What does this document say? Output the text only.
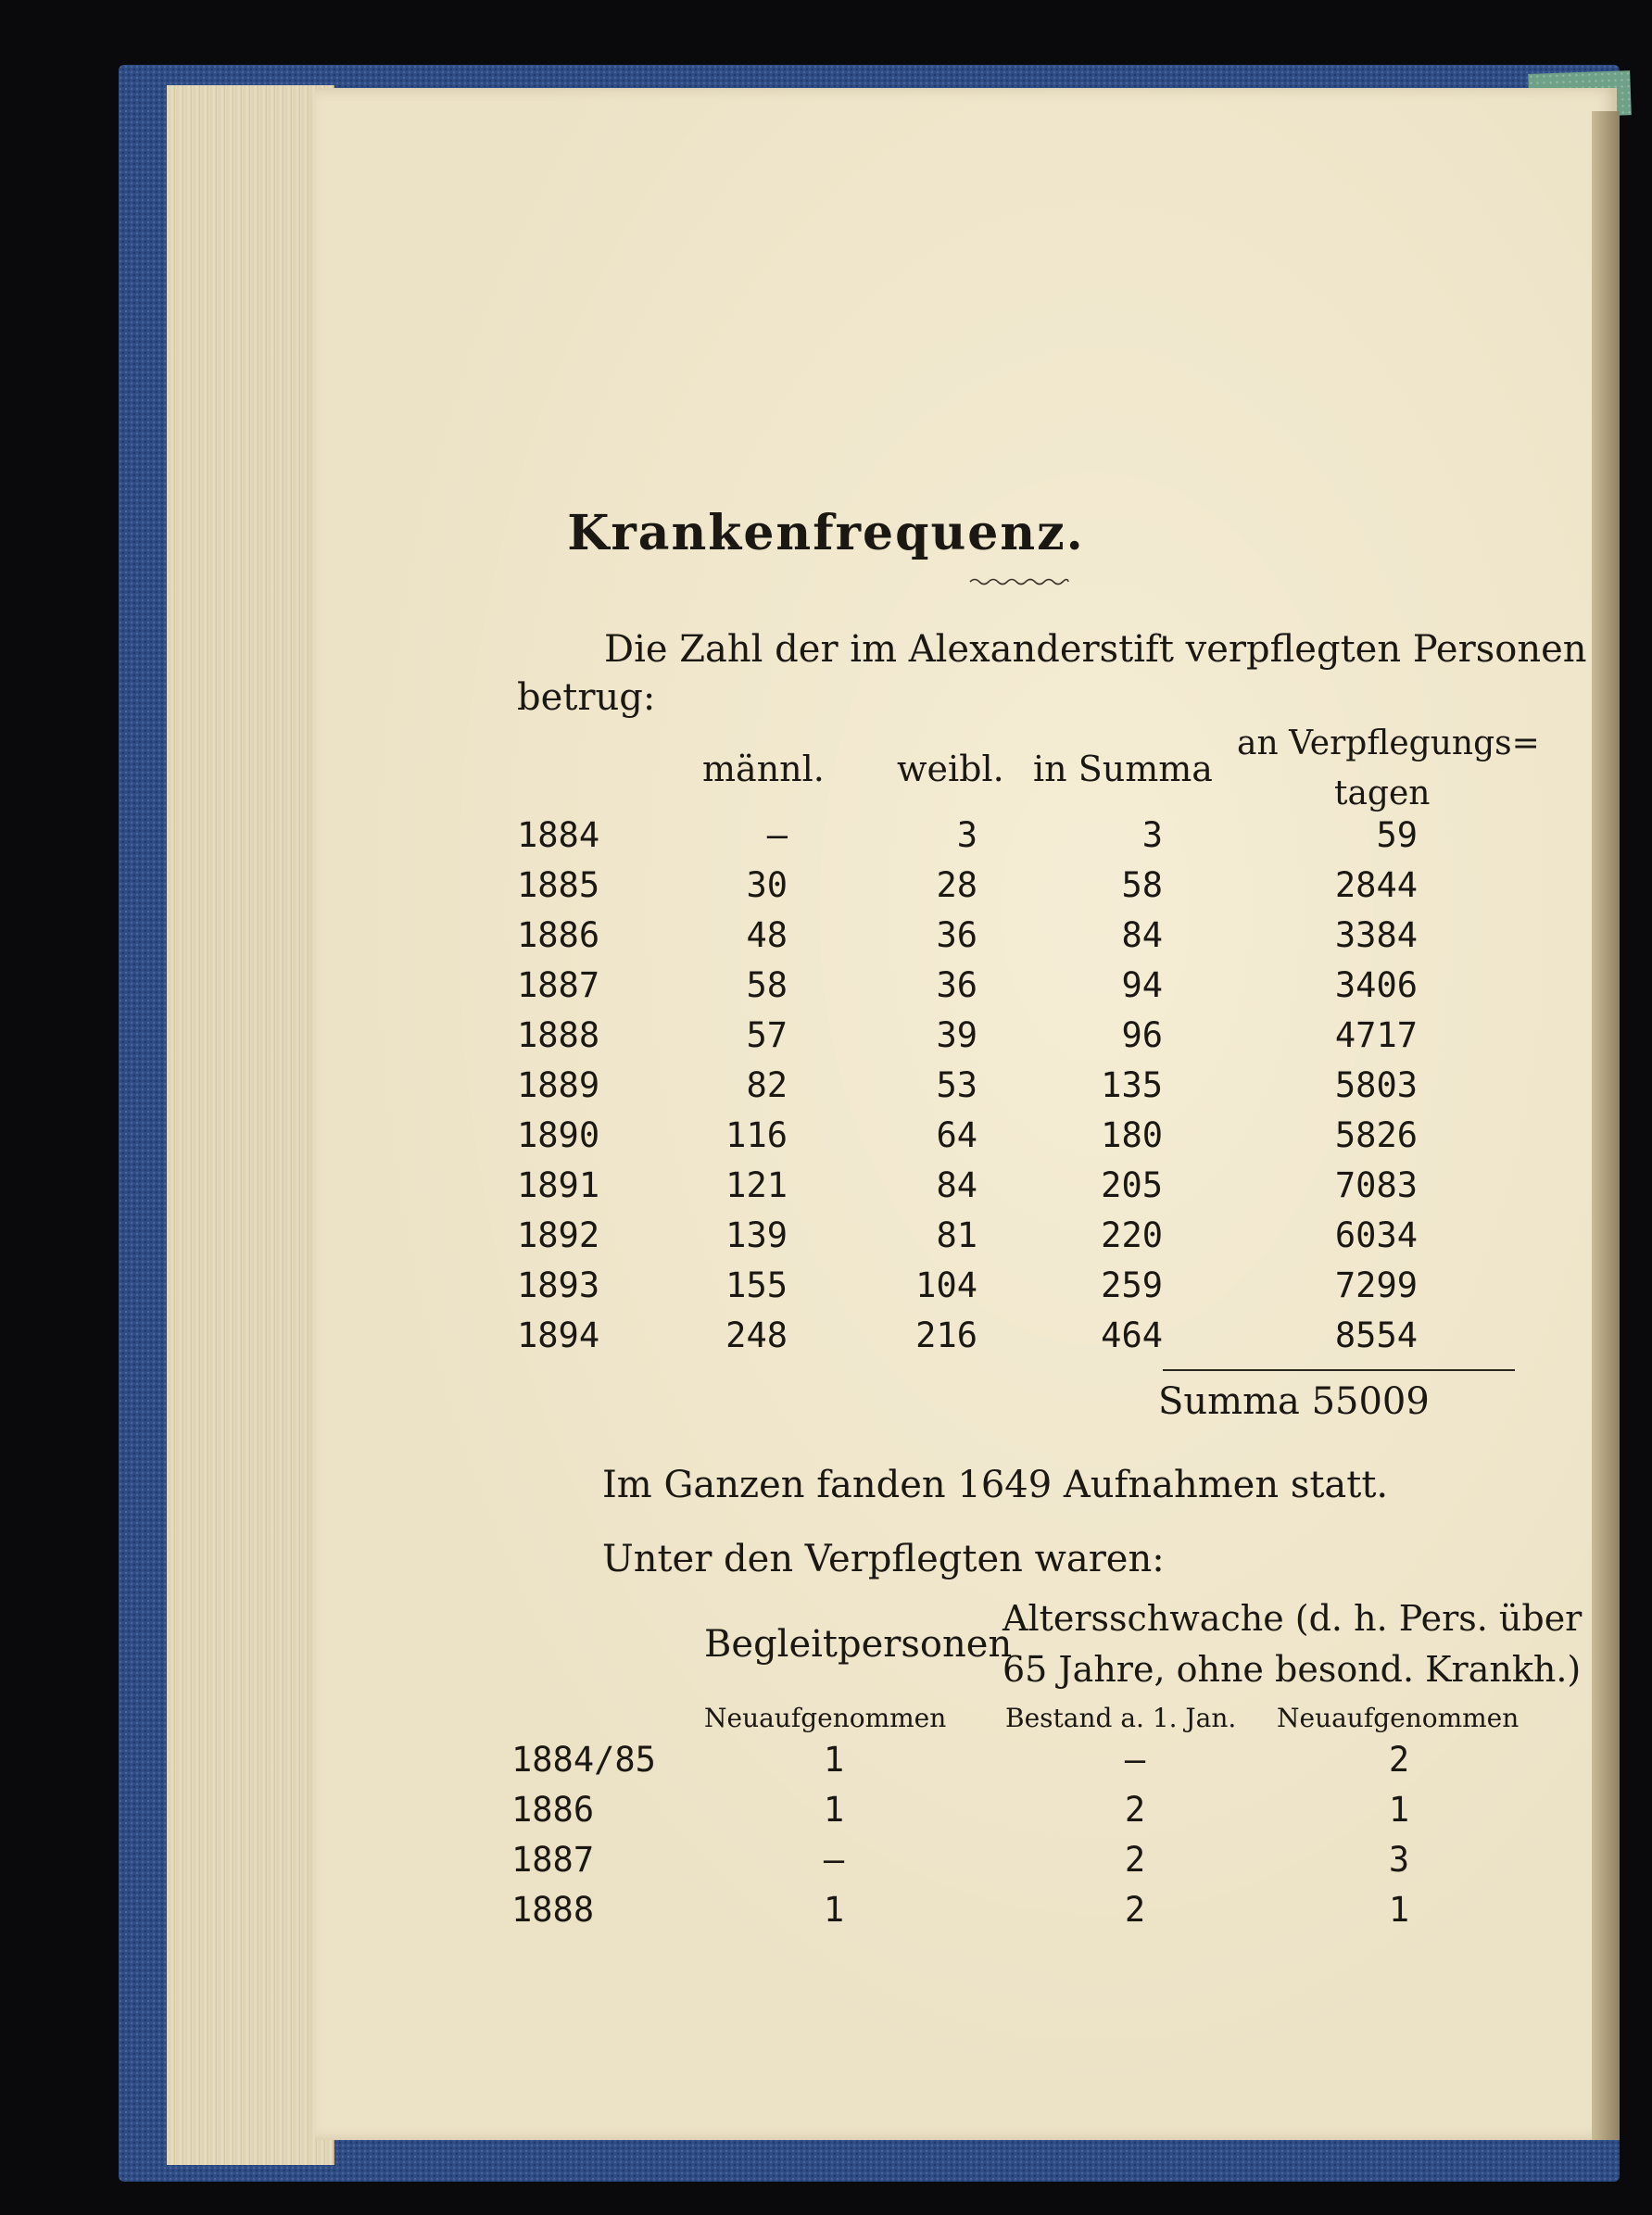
Krankenfrequenz.
Die Zahl der im Alexanderstift verpflegten Personen
betrug:
männl. weibl. in Summa
an Verpflegungs=
tagen
1884	—	3	3	59
1885	30	28	58	2844
1886	48	36	84	3384
1887	58	36	94	3406
1888	57	39	96	4717
1889	82	53	135	5803
1890	116	64	180	5826
1891	121	84	205	7083
1892	139	81	220	6034
1893	155	104	259	7299
1894	248	216	464	8554
Summa 55009
Im Ganzen fanden 1649 Aufnahmen statt.
Unter den Verpflegten waren:
Begleitpersonen
Altersschwache (d. h. Pers. über
65 Jahre, ohne besond. Krankh.)
Neuaufgenommen Bestand a. 1. Jan. Neuaufgenommen
1884/85	1	—	2
1886	1	2	1
1887	—	2	3
1888	1	2	1
